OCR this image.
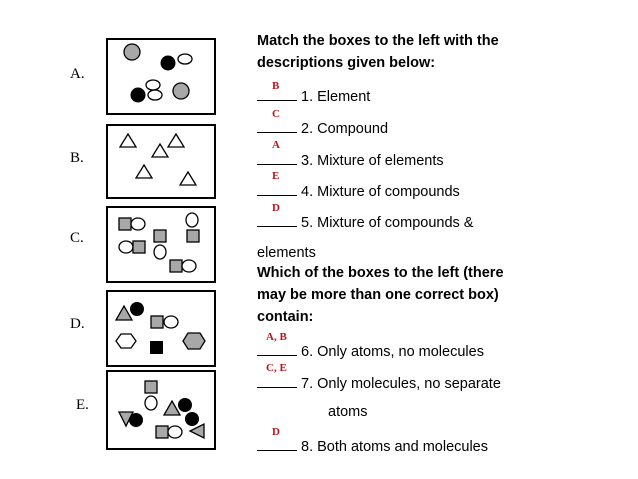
A.
B.
C.
D.
E.
Match the boxes to the left with the
descriptions given below:
B
1. Element
C
2. Compound
A
3. Mixture of elements
E
4. Mixture of compounds
D
5. Mixture of compounds &
elements
Which of the boxes to the left (there
may be more than one correct box)
contain:
A, B
6. Only atoms, no molecules
C, E
7. Only molecules, no separate
atoms
D
8. Both atoms and molecules
